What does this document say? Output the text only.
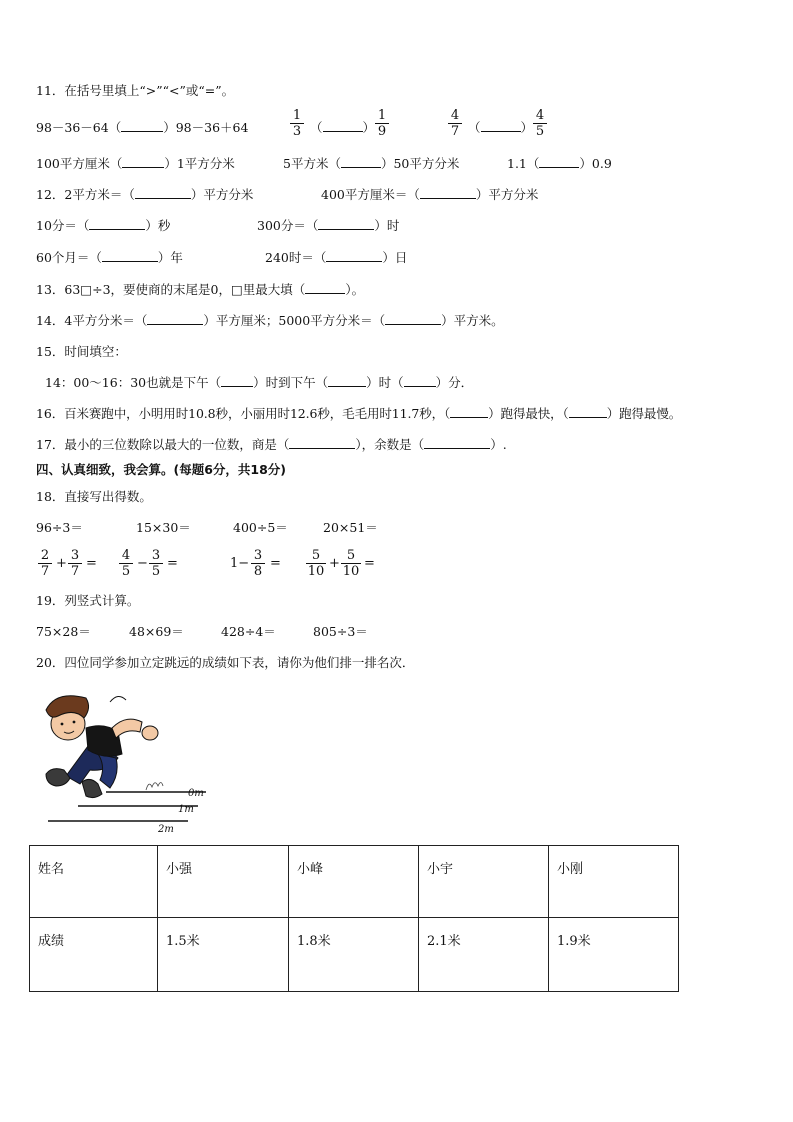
11．在括号里填上“>”“<”或“=”。
98－36－64（	）98－36＋64	$\frac{1}{3}$ （	） $\frac{1}{9}$	$\frac{4}{7}$ （	） $\frac{4}{5}$
100平方厘米（	）1平方分米	5平方米（	）50平方分米	1.1（	）0.9
12．2平方米＝（	）平方分米	400平方厘米＝（	）平方分米
10分＝（	）秒	300分＝（	）时
60个月＝（	）年	240时＝（	）日
13．63□÷3，要使商的末尾是0，□里最大填（	）。
14．4平方分米＝（	）平方厘米；5000平方分米＝（	）平方米。
15．时间填空：
14：00～16：30也就是下午（	）时到下午（	）时（	）分．
16．百米赛跑中，小明用时10.8秒，小丽用时12.6秒，毛毛用时11.7秒，（	）跑得最快，（	）跑得最慢。
17．最小的三位数除以最大的一位数，商是（	），余数是（	）.
四、认真细致，我会算。(每题6分，共18分)
18．直接写出得数。
96÷3＝	15×30＝	400÷5＝	20×51＝
$\frac{2}{7} + \frac{3}{7} = \frac{4}{5} - \frac{3}{5}$ =	$1- \frac{3}{8} = \frac{5}{10} + \frac{5}{10}$ =
19．列竖式计算。
75×28＝	48×69＝	428÷4＝	805÷3＝
20．四位同学参加立定跳远的成绩如下表，请你为他们排一排名次．
0m
1m
2m
姓名	小强	小峰	小宇	小刚
成绩	1.5米	1.8米	2.1米	1.9米
